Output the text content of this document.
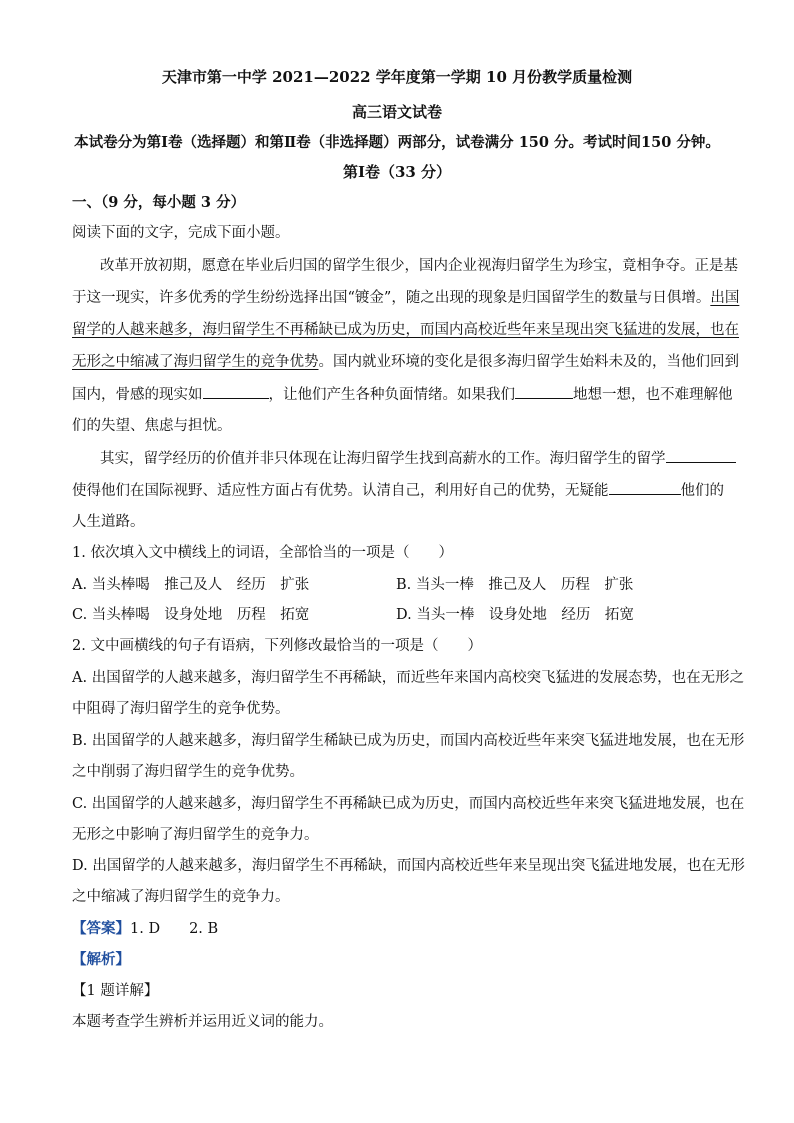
天津市第一中学 2021—2022 学年度第一学期 10 月份教学质量检测
高三语文试卷
本试卷分为第Ⅰ卷（选择题）和第Ⅱ卷（非选择题）两部分，试卷满分 150 分。考试时间150 分钟。
第Ⅰ卷（33 分）
一、（9 分，每小题 3 分）
阅读下面的文字，完成下面小题。
改革开放初期，愿意在毕业后归国的留学生很少，国内企业视海归留学生为珍宝，竟相争夺。正是基
于这一现实，许多优秀的学生纷纷选择出国“镀金”，随之出现的现象是归国留学生的数量与日俱增。出国
留学的人越来越多，海归留学生不再稀缺已成为历史，而国内高校近些年来呈现出突飞猛进的发展，也在
无形之中缩减了海归留学生的竞争优势。国内就业环境的变化是很多海归留学生始料未及的，当他们回到
国内，骨感的现实如	，让他们产生各种负面情绪。如果我们	地想一想，也不难理解他
们的失望、焦虑与担忧。
其实，留学经历的价值并非只体现在让海归留学生找到高薪水的工作。海归留学生的留学
使得他们在国际视野、适应性方面占有优势。认清自己，利用好自己的优势，无疑能	他们的
人生道路。
1. 依次填入文中横线上的词语，全部恰当的一项是（　　）
A. 当头棒喝　推己及人　经历　扩张	B. 当头一棒　推己及人　历程　扩张
C. 当头棒喝　设身处地　历程　拓宽	D. 当头一棒　设身处地　经历　拓宽
2. 文中画横线的句子有语病，下列修改最恰当的一项是（　　）
A. 出国留学的人越来越多，海归留学生不再稀缺，而近些年来国内高校突飞猛进的发展态势，也在无形之
中阻碍了海归留学生的竞争优势。
B. 出国留学的人越来越多，海归留学生稀缺已成为历史，而国内高校近些年来突飞猛进地发展，也在无形
之中削弱了海归留学生的竞争优势。
C. 出国留学的人越来越多，海归留学生不再稀缺已成为历史，而国内高校近些年来突飞猛进地发展，也在
无形之中影响了海归留学生的竞争力。
D. 出国留学的人越来越多，海归留学生不再稀缺，而国内高校近些年来呈现出突飞猛进地发展，也在无形
之中缩减了海归留学生的竞争力。
【答案】1. D　　2. B
【解析】
【1 题详解】
本题考查学生辨析并运用近义词的能力。
